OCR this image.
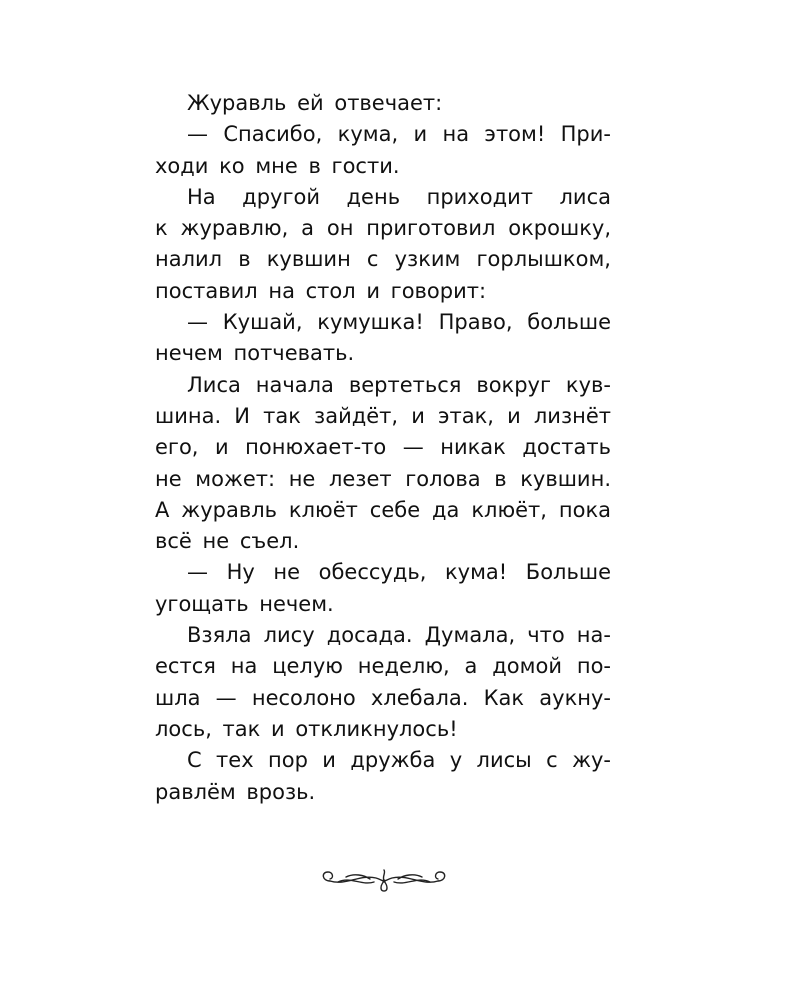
Журавль ей отвечает:
— Спасибо, кума, и на этом! При-
ходи ко мне в гости.
На другой день приходит лиса
к журавлю, а он приготовил окрошку,
налил в кувшин с узким горлышком,
поставил на стол и говорит:
— Кушай, кумушка! Право, больше
нечем потчевать.
Лиса начала вертеться вокруг кув-
шина. И так зайдёт, и этак, и лизнёт
его, и понюхает-то — никак достать
не может: не лезет голова в кувшин.
А журавль клюёт себе да клюёт, пока
всё не съел.
— Ну не обессудь, кума! Больше
угощать нечем.
Взяла лису досада. Думала, что на-
естся на целую неделю, а домой по-
шла — несолоно хлебала. Как аукну-
лось, так и откликнулось!
С тех пор и дружба у лисы с жу-
равлём врозь.
